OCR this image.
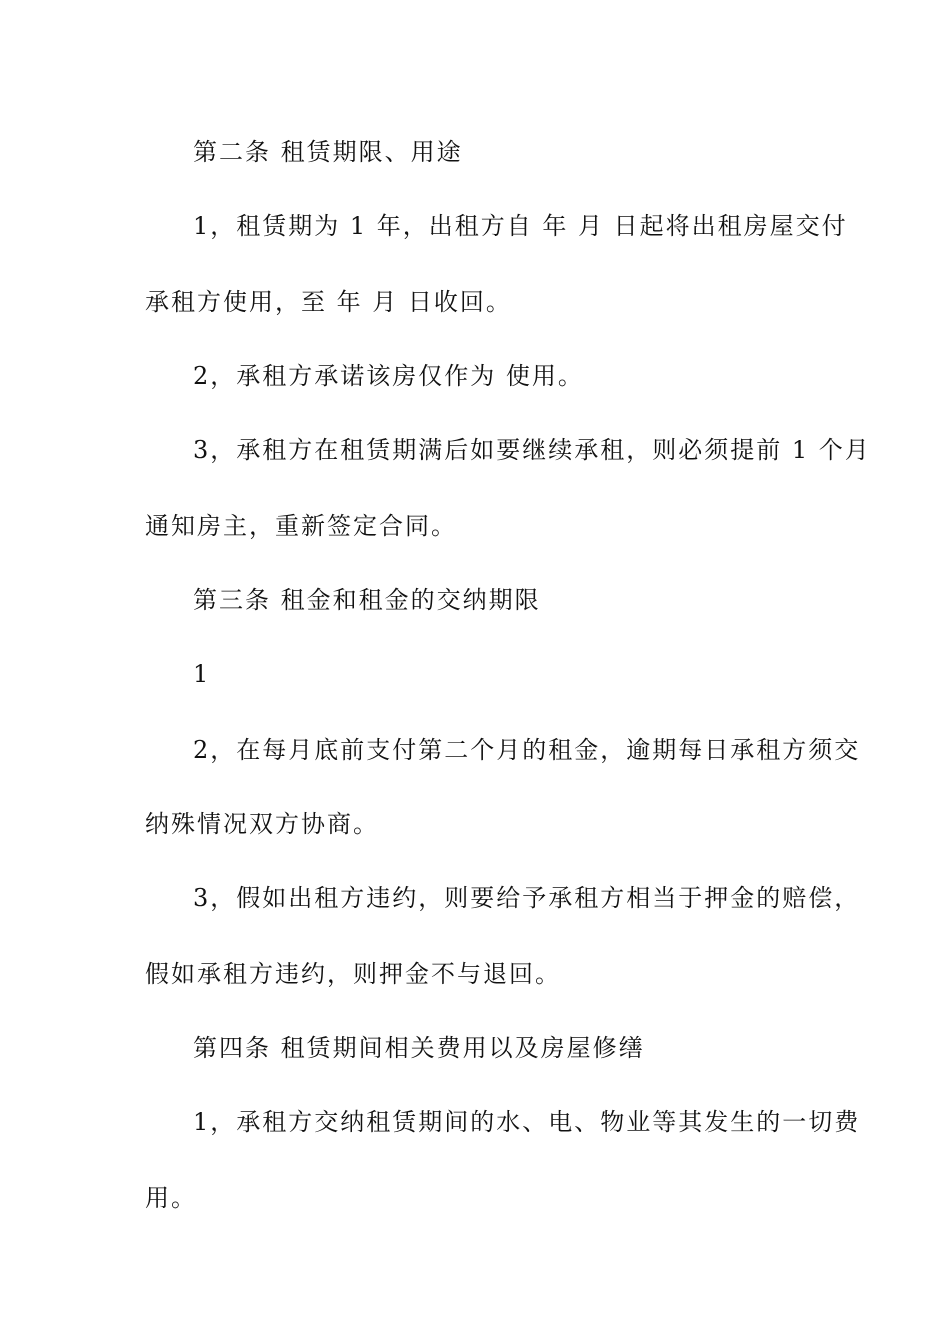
第二条 租赁期限、用途
1，租赁期为 1 年，出租方自 年 月 日起将出租房屋交付
承租方使用，至 年 月 日收回。
2，承租方承诺该房仅作为 使用。
3，承租方在租赁期满后如要继续承租，则必须提前 1 个月
通知房主，重新签定合同。
第三条 租金和租金的交纳期限
1
2，在每月底前支付第二个月的租金，逾期每日承租方须交
纳殊情况双方协商。
3，假如出租方违约，则要给予承租方相当于押金的赔偿，
假如承租方违约，则押金不与退回。
第四条 租赁期间相关费用以及房屋修缮
1，承租方交纳租赁期间的水、电、物业等其发生的一切费
用。
